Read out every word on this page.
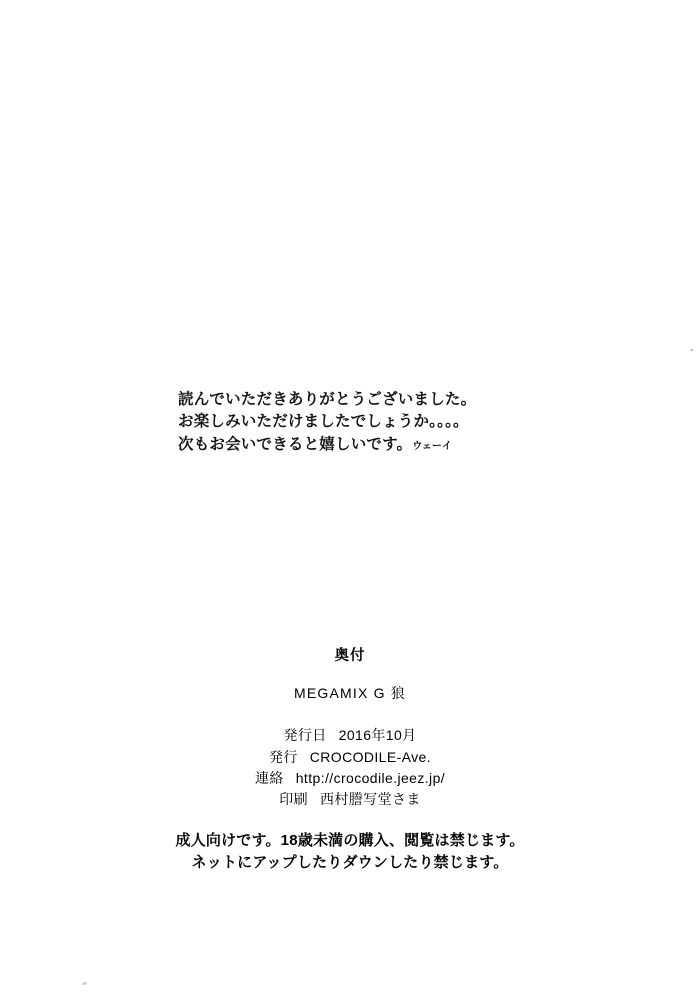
読んでいただきありがとうございました。
お楽しみいただけましたでしょうか。。。。
次もお会いできると嬉しいです。ウェーイ
奥付
MEGAMIX G 狼
発行日 2016年10月
発行 CROCODILE-Ave.
連絡 http://crocodile.jeez.jp/
印刷 西村謄写堂さま
成人向けです。18歳未満の購入、閲覧は禁じます。
ネットにアップしたりダウンしたり禁じます。
